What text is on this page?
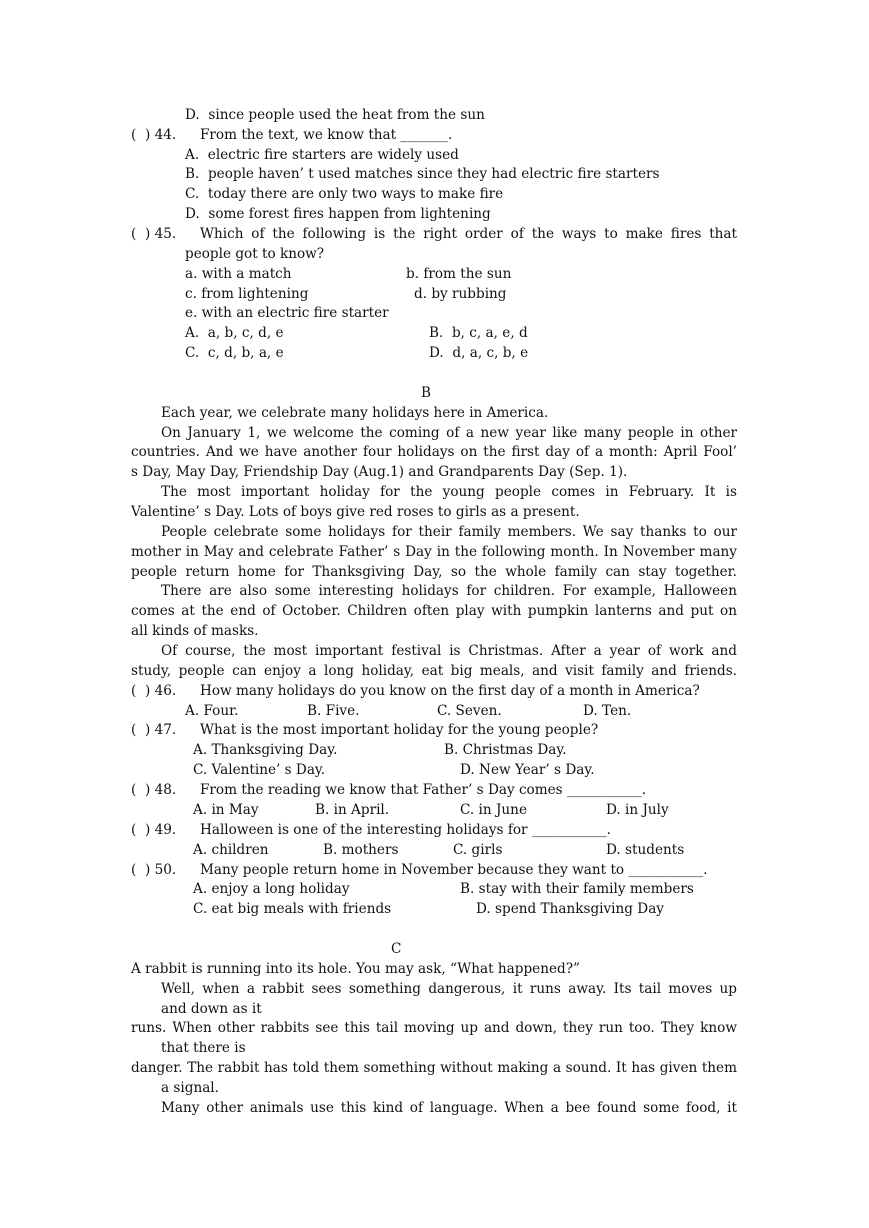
D.  since people used the heat from the sun
(  ) 44. From the text, we know that _______.
A.  electric fire starters are widely used
B.  people haven’ t used matches since they had electric fire starters
C.  today there are only two ways to make fire
D.  some forest fires happen from lightening
(  ) 45. Which of the following is the right order of the ways to make fires that
people got to know?
a. with a match	b. from the sun
c. from lightening	d. by rubbing
e. with an electric fire starter
A.  a, b, c, d, e	B.  b, c, a, e, d
C.  c, d, b, a, e	D.  d, a, c, b, e
B
Each year, we celebrate many holidays here in America.
On January 1, we welcome the coming of a new year like many people in other
countries. And we have another four holidays on the first day of a month: April Fool’
s Day, May Day, Friendship Day (Aug.1) and Grandparents Day (Sep. 1).
The most important holiday for the young people comes in February. It is
Valentine’ s Day. Lots of boys give red roses to girls as a present.
People celebrate some holidays for their family members. We say thanks to our
mother in May and celebrate Father’ s Day in the following month. In November many
people return home for Thanksgiving Day, so the whole family can stay together.
There are also some interesting holidays for children. For example, Halloween
comes at the end of October. Children often play with pumpkin lanterns and put on
all kinds of masks.
Of course, the most important festival is Christmas. After a year of work and
study, people can enjoy a long holiday, eat big meals, and visit family and friends.
(  ) 46. How many holidays do you know on the first day of a month in America?
A. Four.	B. Five.	C. Seven.	D. Ten.
(  ) 47. What is the most important holiday for the young people?
A. Thanksgiving Day.	B. Christmas Day.
C. Valentine’ s Day.	D. New Year’ s Day.
(  ) 48. From the reading we know that Father’ s Day comes ___________.
A. in May	B. in April.	C. in June	D. in July
(  ) 49. Halloween is one of the interesting holidays for ___________.
A. children	B. mothers	C. girls	D. students
(  ) 50. Many people return home in November because they want to ___________.
A. enjoy a long holiday	B. stay with their family members
C. eat big meals with friends	D. spend Thanksgiving Day
C
A rabbit is running into its hole. You may ask, “What happened?”
Well, when a rabbit sees something dangerous, it runs away. Its tail moves up
and down as it
runs. When other rabbits see this tail moving up and down, they run too. They know
that there is
danger. The rabbit has told them something without making a sound. It has given them
a signal.
Many other animals use this kind of language. When a bee found some food, it
